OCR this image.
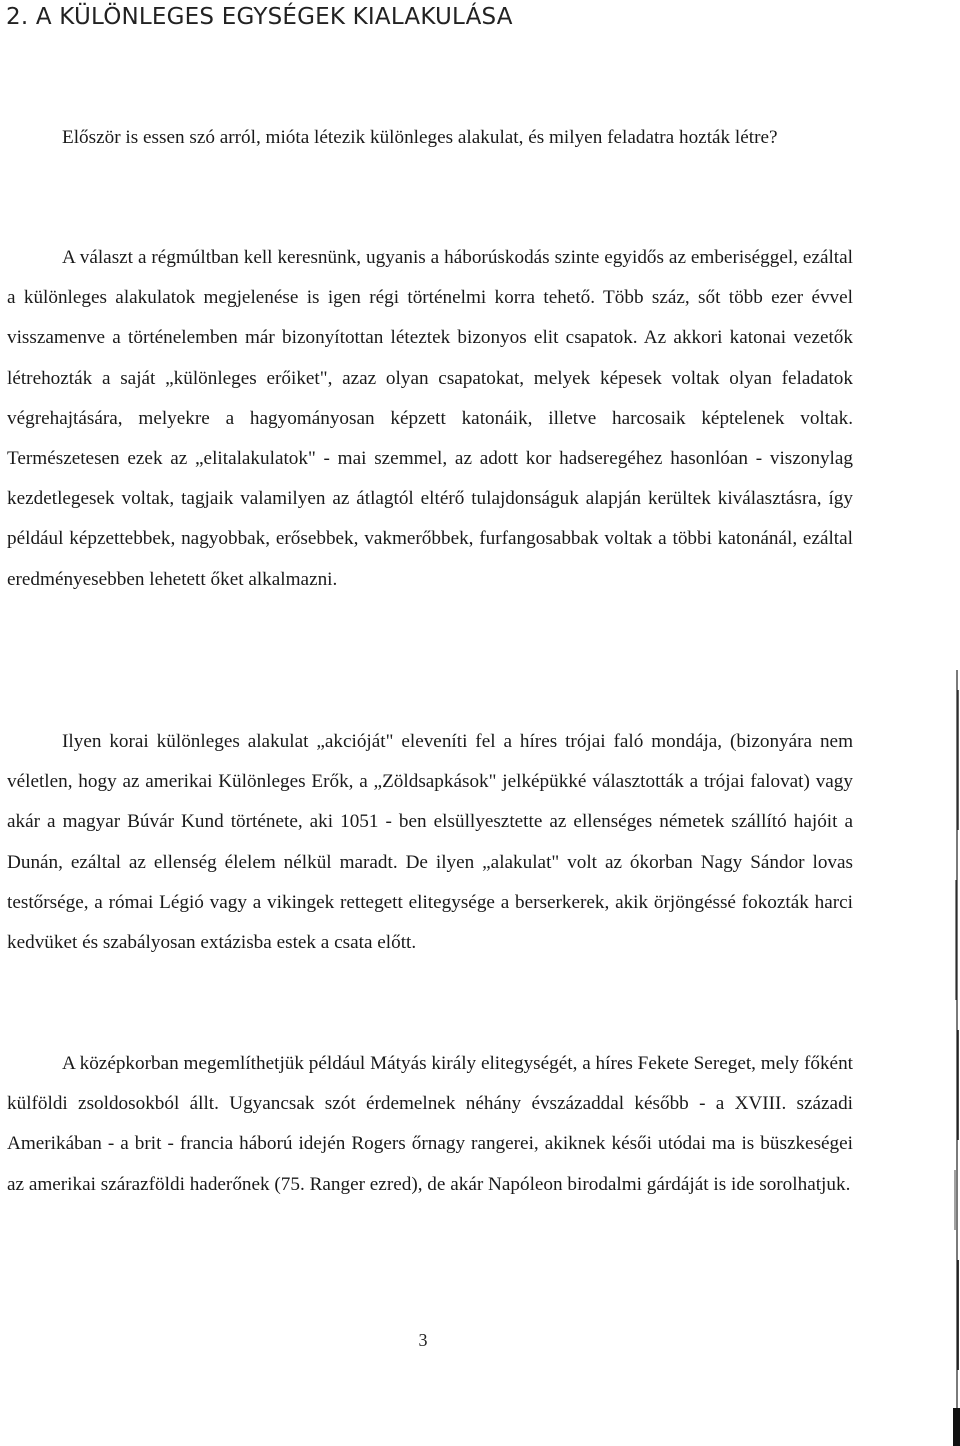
2. A KÜLÖNLEGES EGYSÉGEK KIALAKULÁSA

Először is essen szó arról, mióta létezik különleges alakulat, és milyen feladatra hozták létre?

A választ a régmúltban kell keresnünk, ugyanis a háborúskodás szinte egyidős az emberiséggel, ezáltal a különleges alakulatok megjelenése is igen régi történelmi korra tehető. Több száz, sőt több ezer évvel visszamenve a történelemben már bizonyítottan léteztek bizonyos elit csapatok. Az akkori katonai vezetők létrehozták a saját „különleges erőiket", azaz olyan csapatokat, melyek képesek voltak olyan feladatok végrehajtására, melyekre a hagyományosan képzett katonáik, illetve harcosaik képtelenek voltak. Természetesen ezek az „elitalakulatok" - mai szemmel, az adott kor hadseregéhez hasonlóan - viszonylag kezdetlegesek voltak, tagjaik valamilyen az átlagtól eltérő tulajdonságuk alapján kerültek kiválasztásra, így például képzettebbek, nagyobbak, erősebbek, vakmerőbbek, furfangosabbak voltak a többi katonánál, ezáltal eredményesebben lehetett őket alkalmazni.

Ilyen korai különleges alakulat „akcióját" eleveníti fel a híres trójai faló mondája, (bizonyára nem véletlen, hogy az amerikai Különleges Erők, a „Zöldsapkások" jelképükké választották a trójai falovat) vagy akár a magyar Búvár Kund története, aki 1051 - ben elsüllyesztette az ellenséges németek szállító hajóit a Dunán, ezáltal az ellenség élelem nélkül maradt. De ilyen „alakulat" volt az ókorban Nagy Sándor lovas testőrsége, a római Légió vagy a vikingek rettegett elitegysége a berserkerek, akik örjöngéssé fokozták harci kedvüket és szabályosan extázisba estek a csata előtt.

A középkorban megemlíthetjük például Mátyás király elitegységét, a híres Fekete Sereget, mely főként külföldi zsoldosokból állt. Ugyancsak szót érdemelnek néhány évszázaddal később - a XVIII. századi Amerikában - a brit - francia háború idején Rogers őrnagy rangerei, akiknek késői utódai ma is büszkeségei az amerikai szárazföldi haderőnek (75. Ranger ezred), de akár Napóleon birodalmi gárdáját is ide sorolhatjuk.

3
